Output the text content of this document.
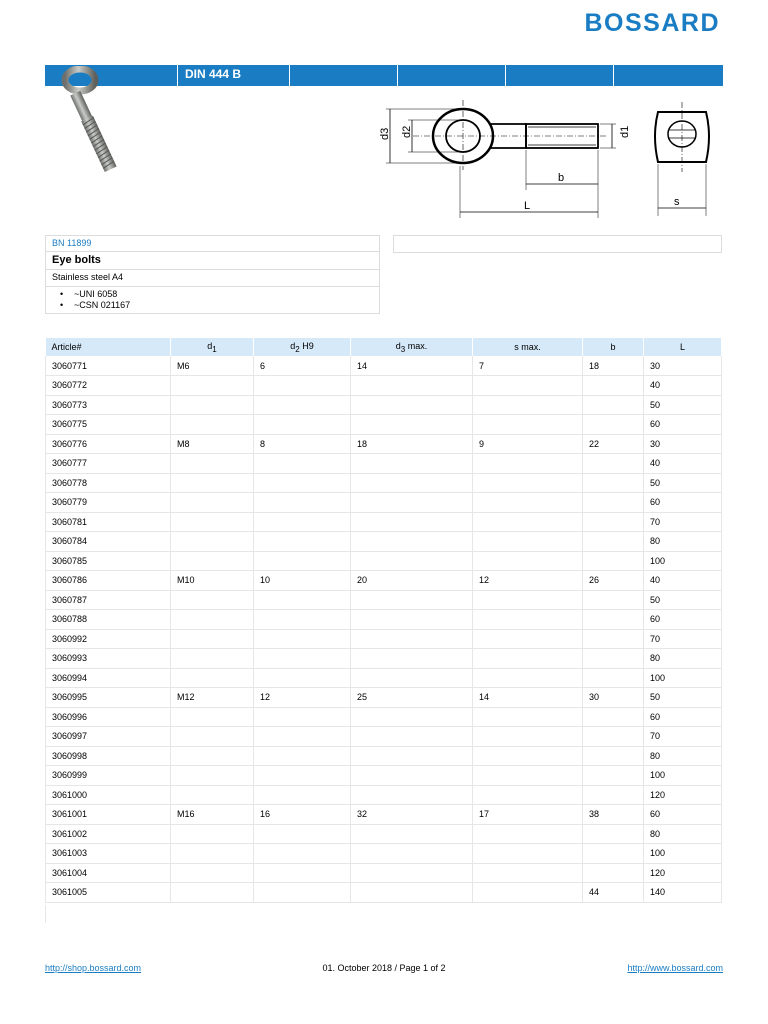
BOSSARD
DIN 444 B
d3 d2	d1
b
L	s
BN 11899
Eye bolts
Stainless steel A4
• ~UNI 6058
• ~CSN 021167
Article#	$d_1$	$d_2$ H9	$d_3$ max.	s max.	b	L
3060771	M6	6	14	7	18	30
3060772						40
3060773						50
3060775						60
3060776	M8	8	18	9	22	30
3060777						40
3060778						50
3060779						60
3060781						70
3060784						80
3060785						100
3060786	M10	10	20	12	26	40
3060787						50
3060788						60
3060992						70
3060993						80
3060994						100
3060995	M12	12	25	14	30	50
3060996						60
3060997						70
3060998						80
3060999						100
3061000						120
3061001	M16	16	32	17	38	60
3061002						80
3061003						100
3061004						120
3061005					44	140
http://shop.bossard.com	01. October 2018 / Page 1 of 2	http://www.bossard.com
